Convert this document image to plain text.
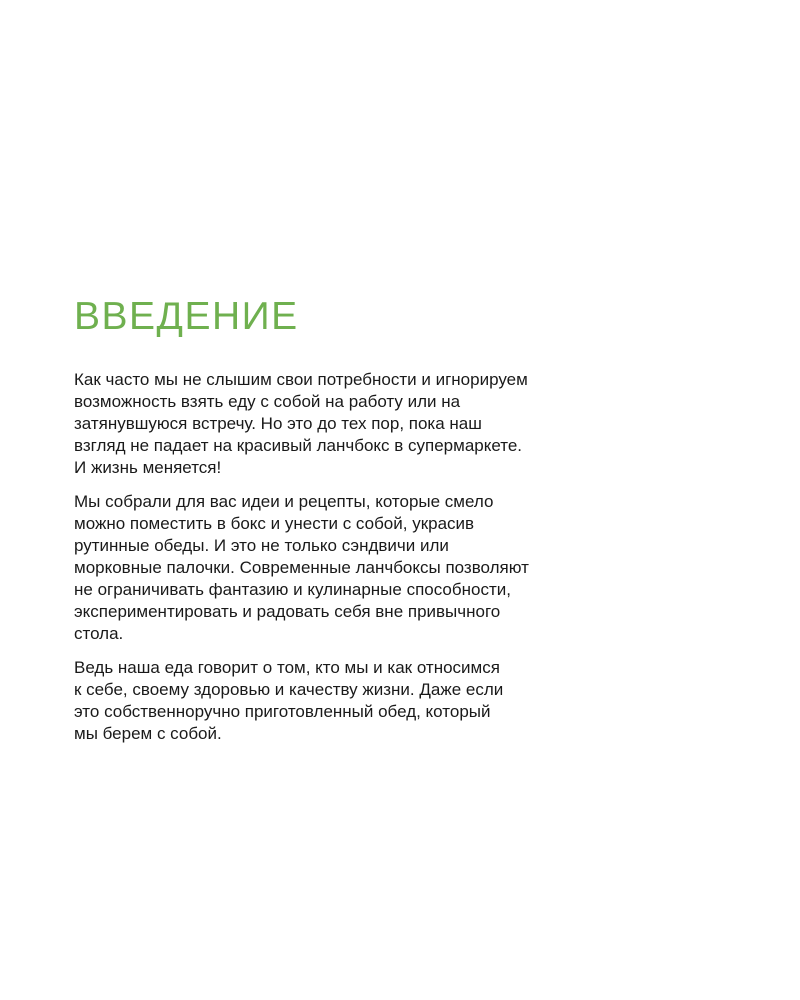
ВВЕДЕНИЕ

Как часто мы не слышим свои потребности и игнорируем
возможность взять еду с собой на работу или на
затянувшуюся встречу. Но это до тех пор, пока наш
взгляд не падает на красивый ланчбокс в супермаркете.
И жизнь меняется!

Мы собрали для вас идеи и рецепты, которые смело
можно поместить в бокс и унести с собой, украсив
рутинные обеды. И это не только сэндвичи или
морковные палочки. Современные ланчбоксы позволяют
не ограничивать фантазию и кулинарные способности,
экспериментировать и радовать себя вне привычного
стола.

Ведь наша еда говорит о том, кто мы и как относимся
к себе, своему здоровью и качеству жизни. Даже если
это собственноручно приготовленный обед, который
мы берем с собой.
